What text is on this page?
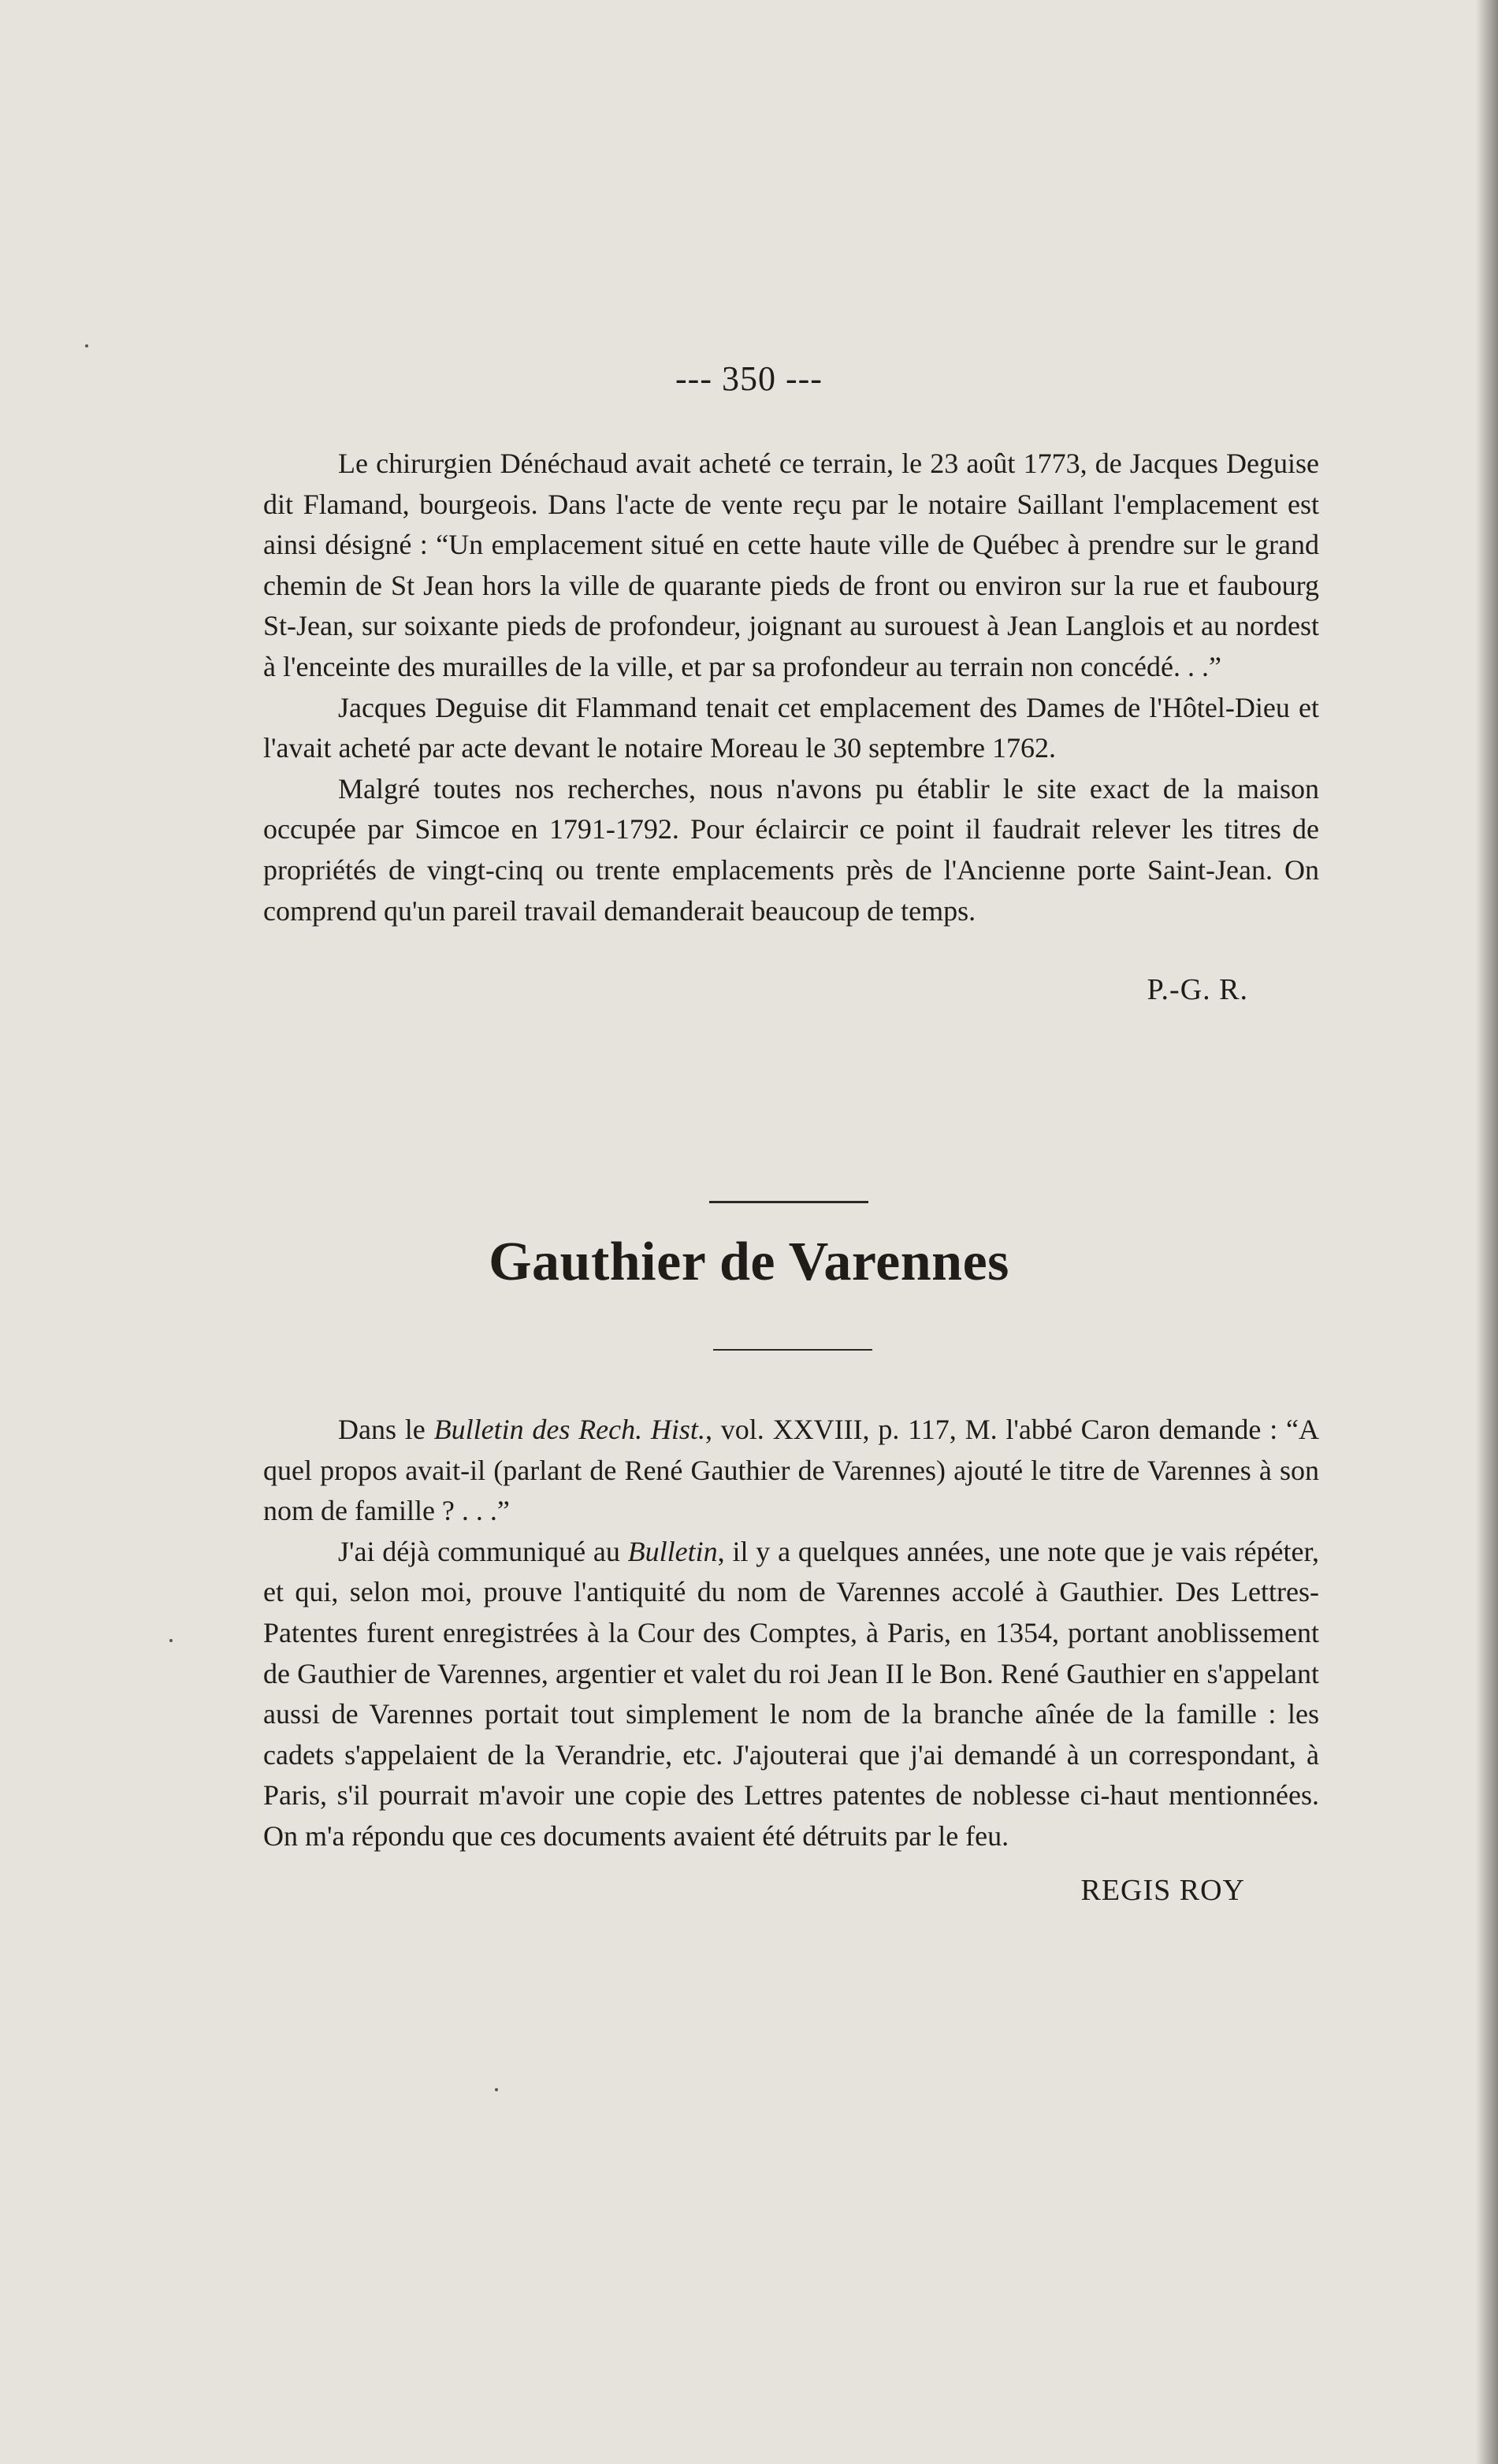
--- 350 ---

Le chirurgien Dénéchaud avait acheté ce terrain, le 23 août 1773, de Jacques Deguise dit Flamand, bourgeois. Dans l'acte de vente reçu par le notaire Saillant l'emplacement est ainsi désigné : “Un emplacement situé en cette haute ville de Québec à prendre sur le grand chemin de St Jean hors la ville de quarante pieds de front ou environ sur la rue et faubourg St-Jean, sur soixante pieds de profondeur, joignant au surouest à Jean Langlois et au nordest à l'enceinte des murailles de la ville, et par sa profondeur au terrain non concédé. . .”

Jacques Deguise dit Flammand tenait cet emplacement des Dames de l'Hôtel-Dieu et l'avait acheté par acte devant le notaire Moreau le 30 septembre 1762.

Malgré toutes nos recherches, nous n'avons pu établir le site exact de la maison occupée par Simcoe en 1791-1792. Pour éclaircir ce point il faudrait relever les titres de propriétés de vingt-cinq ou trente emplacements près de l'Ancienne porte Saint-Jean. On comprend qu'un pareil travail demanderait beaucoup de temps.

P.-G. R.

Gauthier de Varennes

Dans le Bulletin des Rech. Hist., vol. XXVIII, p. 117, M. l'abbé Caron demande : “A quel propos avait-il (parlant de René Gauthier de Varennes) ajouté le titre de Varennes à son nom de famille ? . . .”

J'ai déjà communiqué au Bulletin, il y a quelques années, une note que je vais répéter, et qui, selon moi, prouve l'antiquité du nom de Varennes accolé à Gauthier. Des Lettres-Patentes furent enregistrées à la Cour des Comptes, à Paris, en 1354, portant anoblissement de Gauthier de Varennes, argentier et valet du roi Jean II le Bon. René Gauthier en s'appelant aussi de Varennes portait tout simplement le nom de la branche aînée de la famille : les cadets s'appelaient de la Verandrie, etc. J'ajouterai que j'ai demandé à un correspondant, à Paris, s'il pourrait m'avoir une copie des Lettres patentes de noblesse ci-haut mentionnées. On m'a répondu que ces documents avaient été détruits par le feu.

REGIS ROY
